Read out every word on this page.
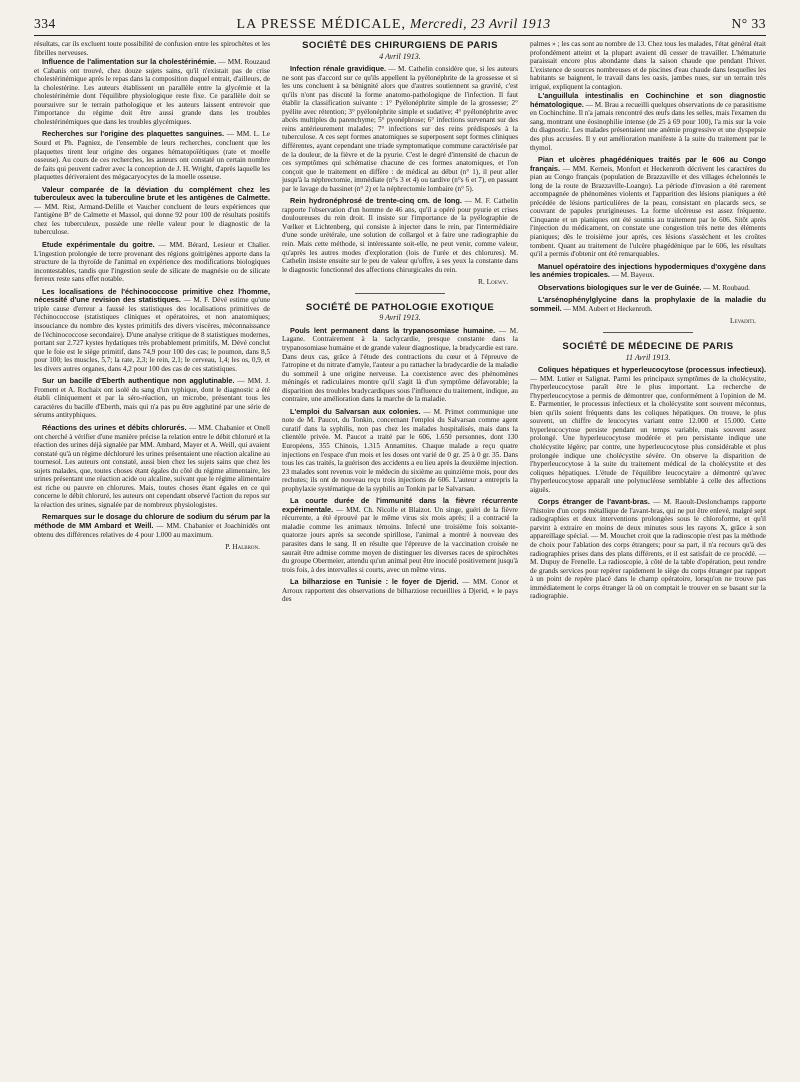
334	LA PRESSE MÉDICALE, Mercredi, 23 Avril 1913	N° 33

résultats, car ils excluent toute possibilité de confusion entre les spirochètes et les fibrilles nerveuses.

Influence de l'alimentation sur la cholestérinémie. — MM. Rouzaud et Cabanis ont trouvé, chez douze sujets sains, qu'il n'existait pas de crise cholestérinémique après le repas dans la composition duquel entrait, d'ailleurs, de la cholestérine. Les auteurs établissent un parallèle entre la glycémie et la cholestérinémie dont l'équilibre physiologique reste fixe. Ce parallèle doit se poursuivre sur le terrain pathologique et les auteurs laissent entrevoir que l'importance du régime doit être aussi grande dans les troubles cholestérinémiques que dans les troubles glycémiques.

Recherches sur l'origine des plaquettes sanguines. — MM. L. Le Sourd et Ph. Pagniez, de l'ensemble de leurs recherches, concluent que les plaquettes tirent leur origine des organes hématopoïétiques (rate et moelle osseuse). Au cours de ces recherches, les auteurs ont constaté un certain nombre de faits qui peuvent cadrer avec la conception de J. H. Wright, d'après laquelle les plaquettes dériveraient des mégacaryocytes de la moelle osseuse.

Valeur comparée de la déviation du complément chez les tuberculeux avec la tuberculine brute et les antigènes de Calmette. — MM. Rist, Armand-Delille et Vaucher concluent de leurs expériences que l'antigène B° de Calmette et Massol, qui donne 92 pour 100 de résultats positifs chez les tuberculeux, possède une réelle valeur pour le diagnostic de la tuberculose.

Etude expérimentale du goitre. — MM. Bérard, Lesieur et Chalier. L'ingestion prolongée de terre provenant des régions goitrigènes apporte dans la structure de la thyroïde de l'animal en expérience des modifications biologiques incontestables, tandis que l'ingestion seule de silicate de magnésie ou de silicate ferreux reste sans effet notable.

Les localisations de l'échinococcose primitive chez l'homme, nécessité d'une revision des statistiques. — M. F. Dévé estime qu'une triple cause d'erreur a faussé les statistiques des localisations primitives de l'échinococcose (statistiques cliniques et opératoires, et non anatomiques; insouciance du nombre des kystes primitifs des divers viscères, méconnaissance de l'échinococcose secondaire). D'une analyse critique de 8 statistiques modernes, portant sur 2.727 kystes hydatiques très probablement primitifs, M. Dévé conclut que le foie est le siège primitif, dans 74,9 pour 100 des cas; le poumon, dans 8,5 pour 100; les muscles, 5,7; la rate, 2,3; le rein, 2,1; le cerveau, 1,4; les os, 0,9, et les divers autres organes, dans 4,2 pour 100 des cas de ces statistiques.

Sur un bacille d'Eberth authentique non agglutinable. — MM. J. Froment et A. Rochaix ont isolé du sang d'un typhique, dont le diagnostic a été établi cliniquement et par la séro-réaction, un microbe, présentant tous les caractères du bacille d'Eberth, mais qui n'a pas pu être agglutiné par une série de sérums antityphiques.

Réactions des urines et débits chlorurés. — MM. Chabanier et Onell ont cherché à vérifier d'une manière précise la relation entre le débit chloruré et la réaction des urines déjà signalée par MM. Ambard, Mayer et A. Weill, qui avaient constaté qu'à un régime déchloruré les urines présentaient une réaction alcaline au tournesol. Les auteurs ont constaté, aussi bien chez les sujets sains que chez les sujets malades, que, toutes choses étant égales du côté du régime alimentaire, les urines présentant une réaction acide ou alcaline, suivant que le régime alimentaire est riche ou pauvre en chlorures. Mais, toutes choses étant égales en ce qui concerne le débit chloruré, les auteurs ont cependant observé l'action du repos sur la réaction des urines, signalée par de nombreux physiologistes.

Remarques sur le dosage du chlorure de sodium du sérum par la méthode de MM Ambard et Weill. — MM. Chabanier et Joachinidès ont obtenu des différences relatives de 4 pour 1.000 au maximum.

P. Halbron.

SOCIÉTÉ DES CHIRURGIENS DE PARIS
4 Avril 1913.

Infection rénale gravidique. — M. Cathelin considère que, si les auteurs ne sont pas d'accord sur ce qu'ils appellent la pyélonéphrite de la grossesse et si les uns concluent à sa bénignité alors que d'autres soutiennent sa gravité, c'est qu'ils n'ont pas discuté la forme anatomo-pathologique de l'infection. Il faut établir la classification suivante : 1° Pyélonéphrite simple de la grossesse; 2° pyélite avec rétention; 3° pyélonéphrite simple et sudative; 4° pyélonéphrite avec abcès multiples du parenchyme; 5° pyonéphrose; 6° infections survenant sur des reins antérieurement malades; 7° infections sur des reins prédisposés à la tuberculose. A ces sept formes anatomiques se superposent sept formes cliniques différentes, ayant cependant une triade symptomatique commune caractérisée par de la douleur, de la fièvre et de la pyurie. C'est le degré d'intensité de chacun de ces symptômes qui schématise chacune de ces formes anatomiques, et l'on conçoit que le traitement en diffère : de médical au début (n° 1), il peut aller jusqu'à la néphrectomie, immédiate (n°s 3 et 4) ou tardive (n°s 6 et 7), en passant par le lavage du bassinet (n° 2) et la néphrectomie lombaire (n° 5).

Rein hydronéphrosé de trente-cinq cm. de long. — M. F. Cathelin rapporte l'observation d'un homme de 46 ans, qu'il a opéré pour pyurie et crises douloureuses du rein droit. Il insiste sur l'importance de la pyélographie de Vœlker et Lichtenberg, qui consiste à injecter dans le rein, par l'intermédiaire d'une sonde urétérale, une solution de collargol et à faire une radiographie du rein. Mais cette méthode, si intéressante soit-elle, ne peut venir, comme valeur, qu'après les autres modes d'exploration (lois de l'urée et des chlorures). M. Cathelin insiste ensuite sur le peu de valeur qu'offre, à ses yeux la constante dans le diagnostic fonctionnel des affections chirurgicales du rein.

R. Loewy.

SOCIÉTÉ DE PATHOLOGIE EXOTIQUE
9 Avril 1913.

Pouls lent permanent dans la trypanosomiase humaine. — M. Lagane. Contrairement à la tachycardie, presque constante dans la trypanosomiase humaine et de grande valeur diagnostique, la bradycardie est rare. Dans deux cas, grâce à l'étude des contractions du cœur et à l'épreuve de l'atropine et du nitrate d'amyle, l'auteur a pu rattacher la bradycardie de la maladie du sommeil à une origine nerveuse. La coexistence avec des phénomènes méningés et radiculaires montre qu'il s'agit là d'un symptôme défavorable; la disparition des troubles bradycardiques sous l'influence du traitement, indique, au contraire, une amélioration dans la marche de la maladie.

L'emploi du Salvarsan aux colonies. — M. Primet communique une note de M. Paucot, du Tonkin, concernant l'emploi du Salvarsan comme agent curatif dans la syphilis, non pas chez les malades hospitalisés, mais dans la clientèle privée. M. Paucot a traité par le 606, 1.650 personnes, dont 130 Européens, 355 Chinois, 1.315 Annamites. Chaque malade a reçu quatre injections en l'espace d'un mois et les doses ont varié de 0 gr. 25 à 0 gr. 35. Dans tous les cas traités, la guérison des accidents a eu lieu après la deuxième injection. 23 malades sont revenus voir le médecin du sixième au quinzième mois, pour des rechutes; ils ont de nouveau reçu trois injections de 606. L'auteur a entrepris la prophylaxie systématique de la syphilis au Tonkin par le Salvarsan.

La courte durée de l'immunité dans la fièvre récurrente expérimentale. — MM. Ch. Nicolle et Blaizot. Un singe, guéri de la fièvre récurrente, a été éprouvé par le même virus six mois après; il a contracté la maladie comme les animaux témoins. Infecté une troisième fois soixante-quatorze jours après sa seconde spirillose, l'animal a montré à nouveau des parasites dans le sang. Il en résulte que l'épreuve de la vaccination croisée ne saurait être admise comme moyen de distinguer les diverses races de spirochètes du groupe Obermeier, attendu qu'un animal peut être inoculé positivement jusqu'à trois fois, à des intervalles si courts, avec un même virus.

La bilharziose en Tunisie : le foyer de Djerid. — MM. Conor et Arroux rapportent des observations de bilharziose recueillies à Djerid, « le pays des

palmes » ; les cas sont au nombre de 13. Chez tous les malades, l'état général était profondément atteint et la plupart avaient dû cesser de travailler. L'hématurie paraissait encore plus abondante dans la saison chaude que pendant l'hiver. L'existence de sources nombreuses et de piscines d'eau chaude dans lesquelles les habitants se baignent, le travail dans les oasis, jambes nues, sur un terrain très irrigué, expliquent la contagion.

L'anguillula intestinalis en Cochinchine et son diagnostic hématologique. — M. Brau a recueilli quelques observations de ce parasitisme en Cochinchine. Il n'a jamais rencontré des œufs dans les selles, mais l'examen du sang, montrant une éosinophilie intense (de 25 à 69 pour 100), l'a mis sur la voie du diagnostic. Les malades présentaient une anémie progressive et une dyspepsie des plus accusées. Il y eut amélioration manifeste à la suite du traitement par le thymol.

Pian et ulcères phagédéniques traités par le 606 au Congo français. — MM. Kerneis, Monfort et Heckenroth décrivent les caractères du pian au Congo français (population de Brazzaville et des villages échelonnés le long de la route de Brazzaville-Loango). La période d'invasion a été rarement accompagnée de phénomènes violents et l'apparition des lésions pianiques a été précédée de lésions particulières de la peau, consistant en placards secs, se couvrant de papules prurigineuses. La forme ulcéreuse est assez fréquente. Cinquante et un pianiques ont été soumis au traitement par le 606. Sitôt après l'injection du médicament, on constate une congestion très nette des éléments pianiques; dès le troisième jour après, ces lésions s'assèchent et les croûtes tombent. Quant au traitement de l'ulcère phagédénique par le 606, les résultats qu'il a permis d'obtenir ont été remarquables.

Manuel opératoire des injections hypodermiques d'oxygène dans les anémies tropicales. — M. Bayeux.

Observations biologiques sur le ver de Guinée. — M. Roubaud.

L'arsénophénylglycine dans la prophylaxie de la maladie du sommeil. — MM. Aubert et Heckenroth.

Levaditi.

SOCIÉTÉ DE MÉDECINE DE PARIS
11 Avril 1913.

Coliques hépatiques et hyperleucocytose (processus infectieux). — MM. Lutier et Salignat. Parmi les principaux symptômes de la cholécystite, l'hyperleucocytose paraît être le plus important. La recherche de l'hyperleucocytose a permis de démontrer que, conformément à l'opinion de M. E. Parmentier, le processus infectieux et la cholécystite sont souvent méconnus, bien qu'ils soient fréquents dans les coliques hépatiques. On trouve, le plus souvent, un chiffre de leucocytes variant entre 12.000 et 15.000. Cette hyperleucocytose persiste pendant un temps variable, mais souvent assez prolongé. Une hyperleucocytose modérée et peu persistante indique une cholécystite légère; par contre, une hyperleucocytose plus considérable et plus prolongée indique une cholécystite sévère. On observe la disparition de l'hyperleucocytose à la suite du traitement médical de la cholécystite et des coliques hépatiques. L'étude de l'équilibre leucocytaire a démontré qu'avec l'hyperleucocytose apparaît une polynucléose semblable à celle des affections aiguës.

Corps étranger de l'avant-bras. — M. Raoult-Deslonchamps rapporte l'histoire d'un corps métallique de l'avant-bras, qui ne put être enlevé, malgré sept radiographies et deux interventions prolongées sous le chloroforme, et qu'il parvint à extraire en moins de deux minutes sous les rayons X, grâce à son appareillage spécial. — M. Mouchet croit que la radioscopie n'est pas la méthode de choix pour l'ablation des corps étrangers; pour sa part, il n'a recours qu'à des radiographies prises dans des plans différents, et il est satisfait de ce procédé. — M. Dupuy de Frenelle. La radioscopie, à côté de la table d'opération, peut rendre de grands services pour repérer rapidement le siège du corps étranger par rapport à un point de repère placé dans le champ opératoire, lorsqu'on ne trouve pas immédiatement le corps étranger là où on comptait le trouver en se basant sur la radiographie.
